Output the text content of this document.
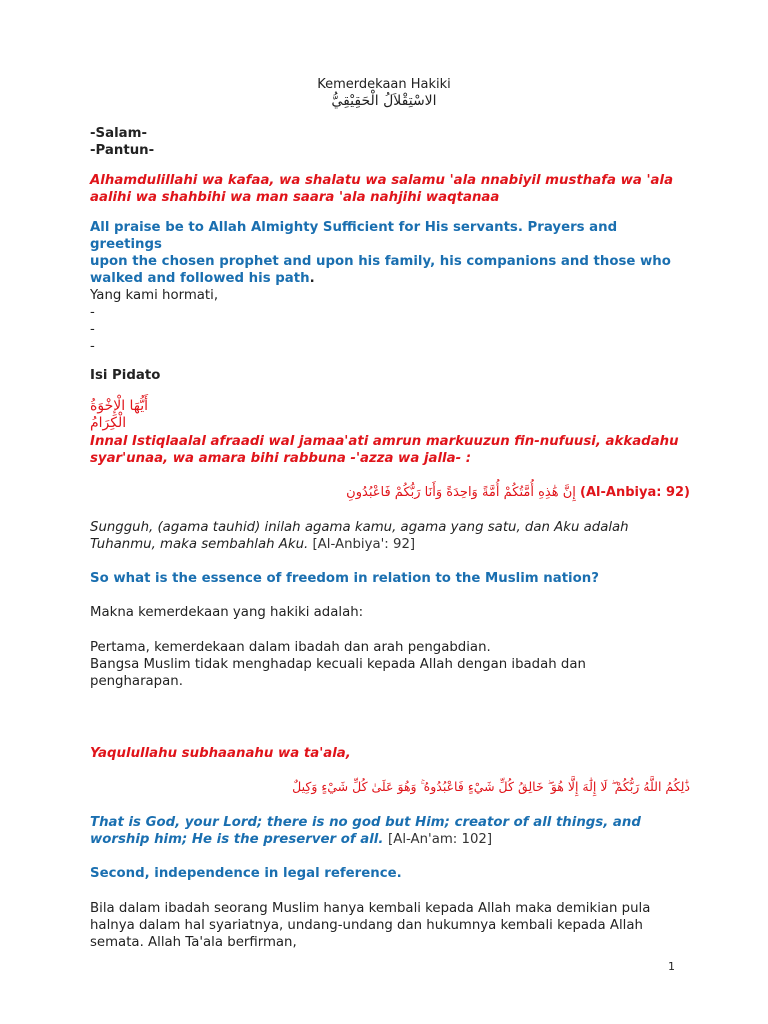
Kemerdekaan Hakiki

الاسْتِقْلاَلُ الْحَقِيْقِيُّ

-Salam-

-Pantun-

Alhamdulillahi wa kafaa, wa shalatu wa salamu 'ala nnabiyil musthafa wa 'ala aalihi wa shahbihi wa man saara 'ala nahjihi waqtanaa

All praise be to Allah Almighty Sufficient for His servants. Prayers and greetings
upon the chosen prophet and upon his family, his companions and those who
walked and followed his path.

Yang kami hormati,

-

-

-

Isi Pidato

أَيُّهَا الْإِخْوَةُ الْكِرَامُ

Innal Istiqlaalal afraadi wal jamaa'ati amrun markuuzun fin-nufuusi, akkadahu
syar'unaa, wa amara bihi rabbuna -'azza wa jalla- :

(Al-Anbiya: 92) إِنَّ هَٰذِهِ أُمَّتُكُمْ أُمَّةً وَاحِدَةً وَأَنَا رَبُّكُمْ فَاعْبُدُونِ

Sungguh, (agama tauhid) inilah agama kamu, agama yang satu, dan Aku adalah
Tuhanmu, maka sembahlah Aku. [Al-Anbiya': 92]

So what is the essence of freedom in relation to the Muslim nation?

Makna kemerdekaan yang hakiki adalah:

Pertama, kemerdekaan dalam ibadah dan arah pengabdian.
Bangsa Muslim tidak menghadap kecuali kepada Allah dengan ibadah dan
pengharapan.

Yaqulullahu subhaanahu wa ta'ala,

ذَٰلِكُمُ اللَّهُ رَبُّكُمْ ۖ لَا إِلَٰهَ إِلَّا هُوَ ۖ خَالِقُ كُلِّ شَيْءٍ فَاعْبُدُوهُ ۚ وَهُوَ عَلَىٰ كُلِّ شَيْءٍ وَكِيلٌ

That is God, your Lord; there is no god but Him; creator of all things, and
worship him; He is the preserver of all. [Al-An'am: 102]

Second, independence in legal reference.

Bila dalam ibadah seorang Muslim hanya kembali kepada Allah maka demikian pula
halnya dalam hal syariatnya, undang-undang dan hukumnya kembali kepada Allah
semata. Allah Ta'ala berfirman,

1
